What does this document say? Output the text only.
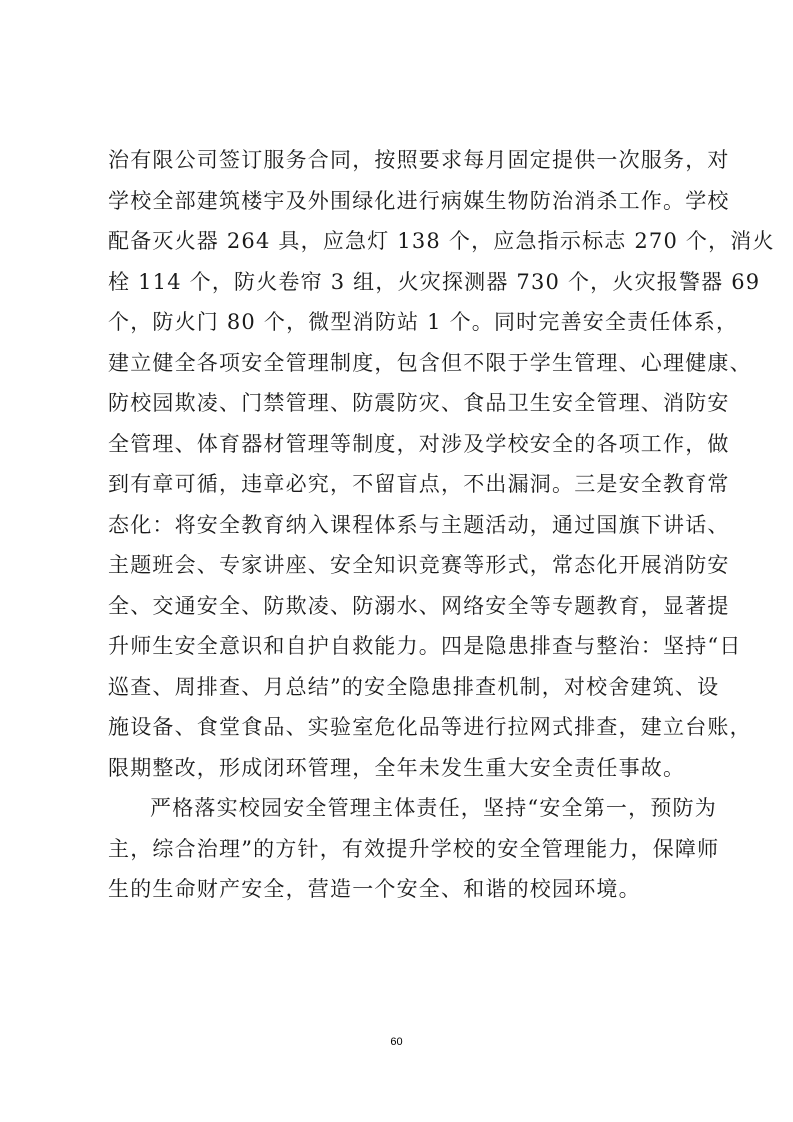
治有限公司签订服务合同，按照要求每月固定提供一次服务，对
学校全部建筑楼宇及外围绿化进行病媒生物防治消杀工作。学校
配备灭火器 264 具，应急灯 138 个，应急指示标志 270 个，消火
栓 114 个，防火卷帘 3 组，火灾探测器 730 个，火灾报警器 69
个，防火门 80 个，微型消防站 1 个。同时完善安全责任体系，
建立健全各项安全管理制度，包含但不限于学生管理、心理健康、
防校园欺凌、门禁管理、防震防灾、食品卫生安全管理、消防安
全管理、体育器材管理等制度，对涉及学校安全的各项工作，做
到有章可循，违章必究，不留盲点，不出漏洞。三是安全教育常
态化：将安全教育纳入课程体系与主题活动，通过国旗下讲话、
主题班会、专家讲座、安全知识竞赛等形式，常态化开展消防安
全、交通安全、防欺凌、防溺水、网络安全等专题教育，显著提
升师生安全意识和自护自救能力。四是隐患排查与整治：坚持“日
巡查、周排查、月总结”的安全隐患排查机制，对校舍建筑、设
施设备、食堂食品、实验室危化品等进行拉网式排查，建立台账，
限期整改，形成闭环管理，全年未发生重大安全责任事故。
严格落实校园安全管理主体责任，坚持“安全第一，预防为
主，综合治理”的方针，有效提升学校的安全管理能力，保障师
生的生命财产安全，营造一个安全、和谐的校园环境。
60
